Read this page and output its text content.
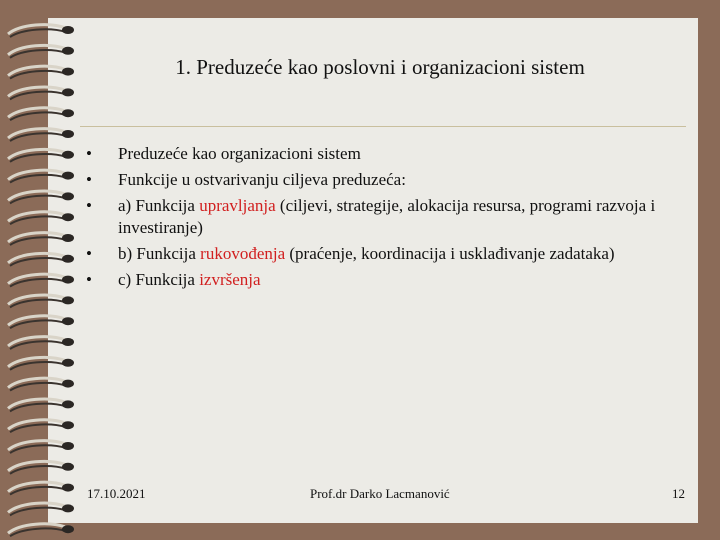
1. Preduzeće kao poslovni i organizacioni sistem
•	Preduzeće kao organizacioni sistem
•	Funkcije u ostvarivanju ciljeva preduzeća:
•	a) Funkcija upravljanja (ciljevi, strategije, alokacija resursa, programi razvoja i investiranje)
•	b) Funkcija rukovođenja (praćenje, koordinacija i usklađivanje zadataka)
•	c) Funkcija izvršenja
17.10.2021	Prof.dr Darko Lacmanović	12
